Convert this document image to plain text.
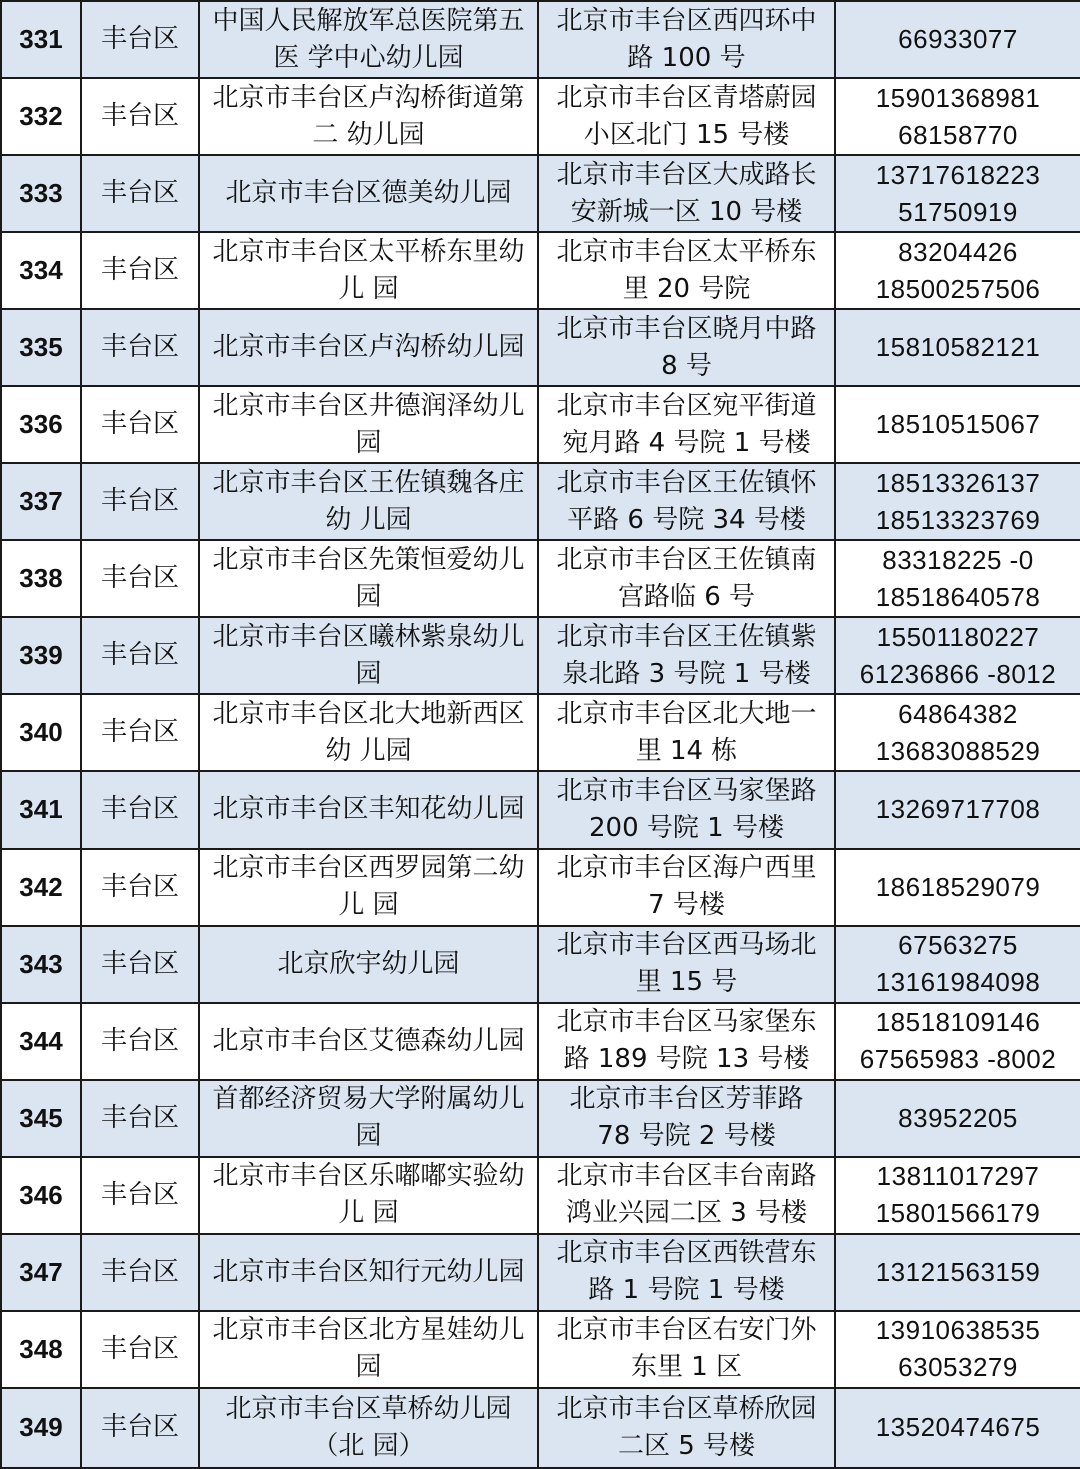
331	丰台区	中国人民解放军总医院第五
医 学中心幼儿园	北京市丰台区西四环中
路 100 号	66933077

332	丰台区	北京市丰台区卢沟桥街道第
二 幼儿园	北京市丰台区青塔蔚园
小区北门 15 号楼	15901368981
68158770

333	丰台区	北京市丰台区德美幼儿园	北京市丰台区大成路长
安新城一区 10 号楼	13717618223
51750919

334	丰台区	北京市丰台区太平桥东里幼
儿 园	北京市丰台区太平桥东
里 20 号院	83204426
18500257506

335	丰台区	北京市丰台区卢沟桥幼儿园	北京市丰台区晓月中路
8 号	15810582121

336	丰台区	北京市丰台区井德润泽幼儿
园	北京市丰台区宛平街道
宛月路 4 号院 1 号楼	18510515067

337	丰台区	北京市丰台区王佐镇魏各庄
幼 儿园	北京市丰台区王佐镇怀
平路 6 号院 34 号楼	18513326137
18513323769

338	丰台区	北京市丰台区先策恒爱幼儿
园	北京市丰台区王佐镇南
宫路临 6 号	83318225 -0
18518640578

339	丰台区	北京市丰台区曦林紫泉幼儿
园	北京市丰台区王佐镇紫
泉北路 3 号院 1 号楼	15501180227
61236866 -8012

340	丰台区	北京市丰台区北大地新西区
幼 儿园	北京市丰台区北大地一
里 14 栋	64864382
13683088529

341	丰台区	北京市丰台区丰知花幼儿园	北京市丰台区马家堡路
200 号院 1 号楼	13269717708

342	丰台区	北京市丰台区西罗园第二幼
儿 园	北京市丰台区海户西里
7 号楼	18618529079

343	丰台区	北京欣宇幼儿园	北京市丰台区西马场北
里 15 号	67563275
13161984098

344	丰台区	北京市丰台区艾德森幼儿园	北京市丰台区马家堡东
路 189 号院 13 号楼	18518109146
67565983 -8002

345	丰台区	首都经济贸易大学附属幼儿
园	北京市丰台区芳菲路
78 号院 2 号楼	83952205

346	丰台区	北京市丰台区乐嘟嘟实验幼
儿 园	北京市丰台区丰台南路
鸿业兴园二区 3 号楼	13811017297
15801566179

347	丰台区	北京市丰台区知行元幼儿园	北京市丰台区西铁营东
路 1 号院 1 号楼	13121563159

348	丰台区	北京市丰台区北方星娃幼儿
园	北京市丰台区右安门外
东里 1 区	13910638535
63053279

349	丰台区	北京市丰台区草桥幼儿园
（北 园）	北京市丰台区草桥欣园
二区 5 号楼	13520474675
